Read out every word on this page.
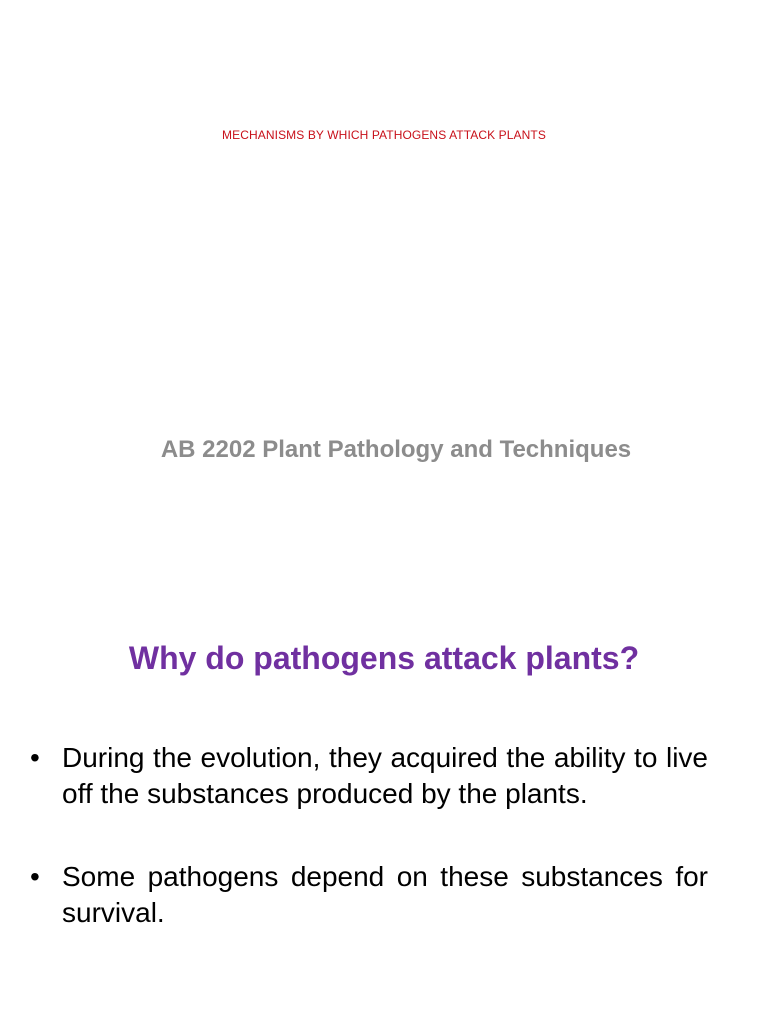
MECHANISMS BY WHICH PATHOGENS ATTACK PLANTS
AB 2202 Plant Pathology and Techniques
Why do pathogens attack plants?
• During the evolution, they acquired the ability to live off the substances produced by the plants.
• Some pathogens depend on these substances for survival.
